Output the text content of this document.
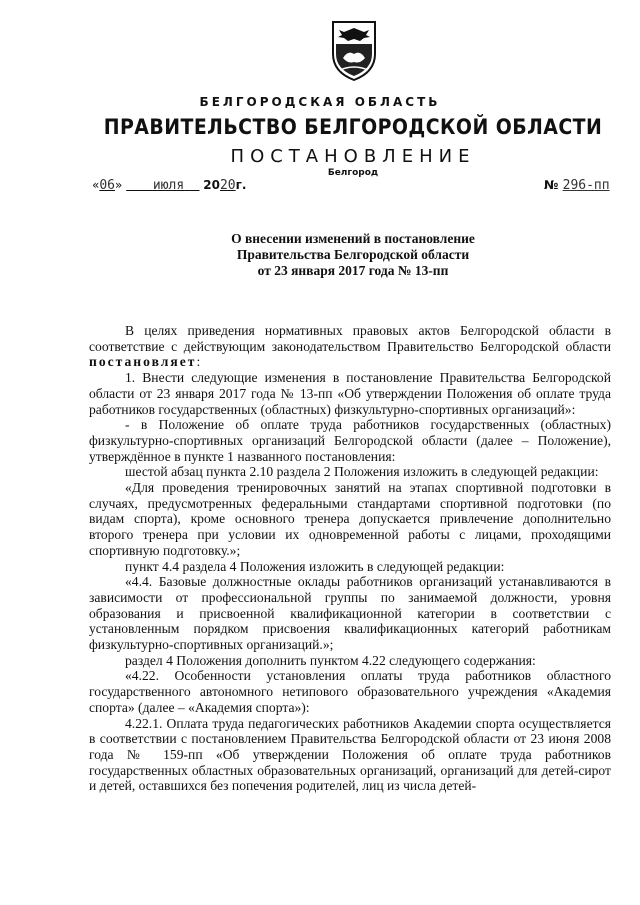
БЕЛГОРОДСКАЯ ОБЛАСТЬ
ПРАВИТЕЛЬСТВО БЕЛГОРОДСКОЙ ОБЛАСТИ
ПОСТАНОВЛЕНИЕ
Белгород
«06» июля 2020г.	№ 296-пп
О внесении изменений в постановление
Правительства Белгородской области
от 23 января 2017 года № 13-пп

В целях приведения нормативных правовых актов Белгородской области в соответствие с действующим законодательством Правительство Белгородской области постановляет:

1. Внести следующие изменения в постановление Правительства Белгородской области от 23 января 2017 года № 13-пп «Об утверждении Положения об оплате труда работников государственных (областных) физкультурно-спортивных организаций»:

- в Положение об оплате труда работников государственных (областных) физкультурно-спортивных организаций Белгородской области (далее – Положение), утверждённое в пункте 1 названного постановления:

шестой абзац пункта 2.10 раздела 2 Положения изложить в следующей редакции:

«Для проведения тренировочных занятий на этапах спортивной подготовки в случаях, предусмотренных федеральными стандартами спортивной подготовки (по видам спорта), кроме основного тренера допускается привлечение дополнительно второго тренера при условии их одновременной работы с лицами, проходящими спортивную подготовку.»;

пункт 4.4 раздела 4 Положения изложить в следующей редакции:

«4.4. Базовые должностные оклады работников организаций устанавливаются в зависимости от профессиональной группы по занимаемой должности, уровня образования и присвоенной квалификационной категории в соответствии с установленным порядком присвоения квалификационных категорий работникам физкультурно-спортивных организаций.»;

раздел 4 Положения дополнить пунктом 4.22 следующего содержания:

«4.22. Особенности установления оплаты труда работников областного государственного автономного нетипового образовательного учреждения «Академия спорта» (далее – «Академия спорта»):

4.22.1. Оплата труда педагогических работников Академии спорта осуществляется в соответствии с постановлением Правительства Белгородской области от 23 июня 2008 года № 159-пп «Об утверждении Положения об оплате труда работников государственных областных образовательных организаций, организаций для детей-сирот и детей, оставшихся без попечения родителей, лиц из числа детей-
